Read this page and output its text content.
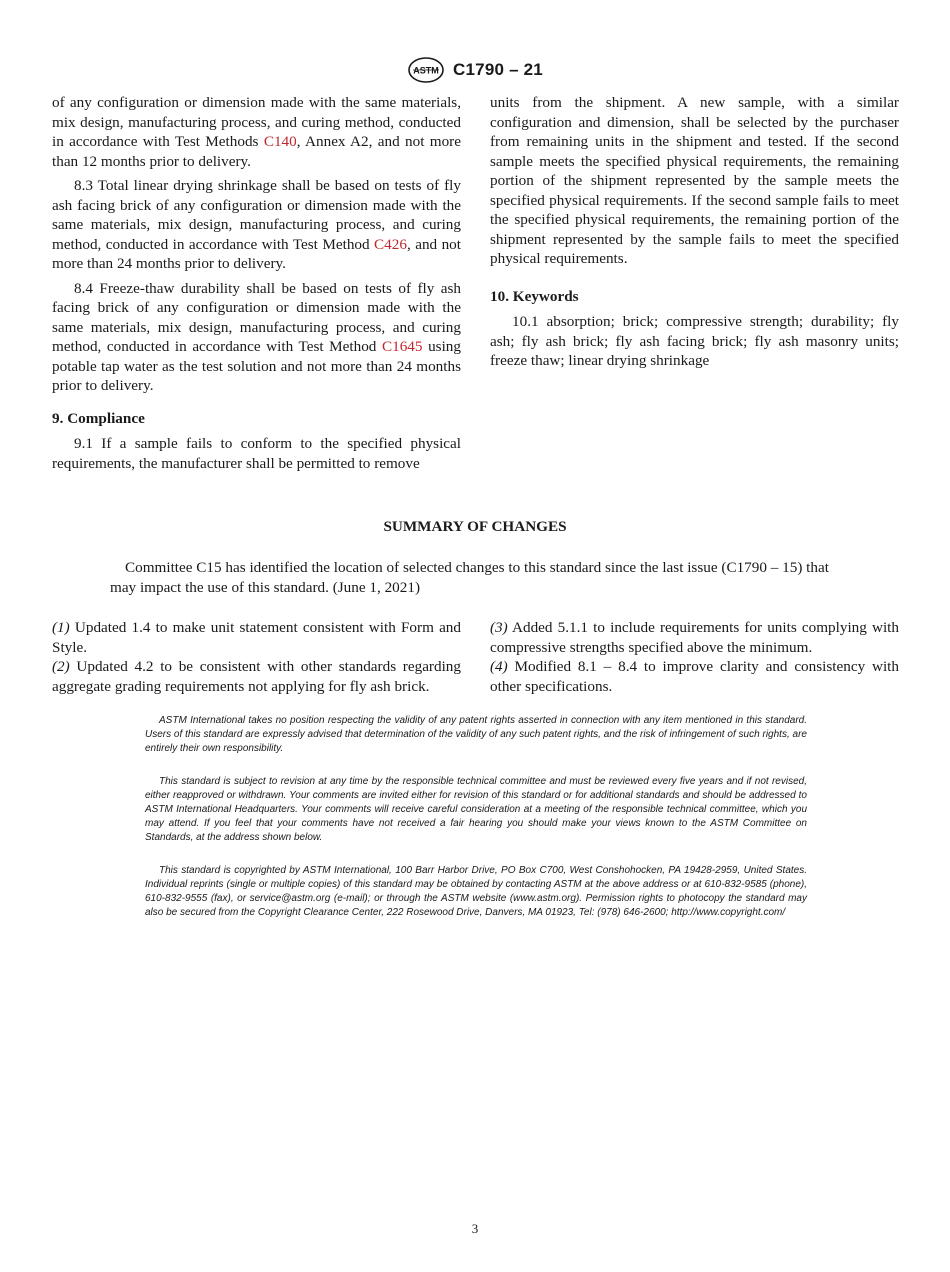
ASTM C1790 – 21

of any configuration or dimension made with the same materials, mix design, manufacturing process, and curing method, conducted in accordance with Test Methods C140, Annex A2, and not more than 12 months prior to delivery.

8.3 Total linear drying shrinkage shall be based on tests of fly ash facing brick of any configuration or dimension made with the same materials, mix design, manufacturing process, and curing method, conducted in accordance with Test Method C426, and not more than 24 months prior to delivery.

8.4 Freeze-thaw durability shall be based on tests of fly ash facing brick of any configuration or dimension made with the same materials, mix design, manufacturing process, and curing method, conducted in accordance with Test Method C1645 using potable tap water as the test solution and not more than 24 months prior to delivery.

9. Compliance

9.1 If a sample fails to conform to the specified physical requirements, the manufacturer shall be permitted to remove

units from the shipment. A new sample, with a similar configuration and dimension, shall be selected by the purchaser from remaining units in the shipment and tested. If the second sample meets the specified physical requirements, the remaining portion of the shipment represented by the sample meets the specified physical requirements. If the second sample fails to meet the specified physical requirements, the remaining portion of the shipment represented by the sample fails to meet the specified physical requirements.

10. Keywords

10.1 absorption; brick; compressive strength; durability; fly ash; fly ash brick; fly ash facing brick; fly ash masonry units; freeze thaw; linear drying shrinkage

SUMMARY OF CHANGES

Committee C15 has identified the location of selected changes to this standard since the last issue (C1790 – 15) that may impact the use of this standard. (June 1, 2021)

(1) Updated 1.4 to make unit statement consistent with Form and Style.

(2) Updated 4.2 to be consistent with other standards regarding aggregate grading requirements not applying for fly ash brick.

(3) Added 5.1.1 to include requirements for units complying with compressive strengths specified above the minimum.

(4) Modified 8.1 – 8.4 to improve clarity and consistency with other specifications.

ASTM International takes no position respecting the validity of any patent rights asserted in connection with any item mentioned in this standard. Users of this standard are expressly advised that determination of the validity of any such patent rights, and the risk of infringement of such rights, are entirely their own responsibility.

This standard is subject to revision at any time by the responsible technical committee and must be reviewed every five years and if not revised, either reapproved or withdrawn. Your comments are invited either for revision of this standard or for additional standards and should be addressed to ASTM International Headquarters. Your comments will receive careful consideration at a meeting of the responsible technical committee, which you may attend. If you feel that your comments have not received a fair hearing you should make your views known to the ASTM Committee on Standards, at the address shown below.

This standard is copyrighted by ASTM International, 100 Barr Harbor Drive, PO Box C700, West Conshohocken, PA 19428-2959, United States. Individual reprints (single or multiple copies) of this standard may be obtained by contacting ASTM at the above address or at 610-832-9585 (phone), 610-832-9555 (fax), or service@astm.org (e-mail); or through the ASTM website (www.astm.org). Permission rights to photocopy the standard may also be secured from the Copyright Clearance Center, 222 Rosewood Drive, Danvers, MA 01923, Tel: (978) 646-2600; http://www.copyright.com/

3
